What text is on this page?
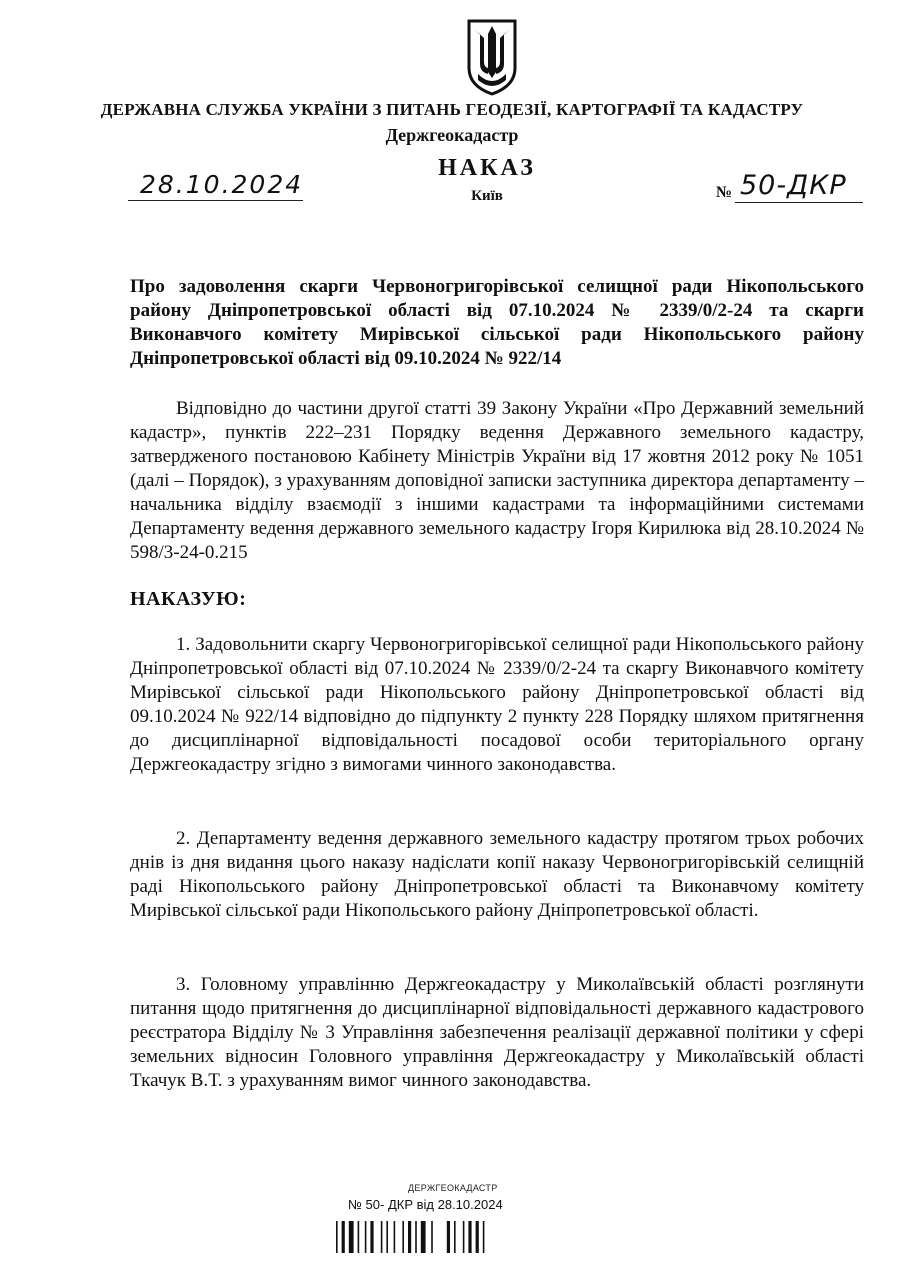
ДЕРЖАВНА СЛУЖБА УКРАЇНИ З ПИТАНЬ ГЕОДЕЗІЇ, КАРТОГРАФІЇ ТА КАДАСТРУ
Держгеокадастр
НАКАЗ
Київ
28.10.2024	№ 50-ДКР
Про задоволення скарги Червоногригорівської селищної ради Нікопольського району Дніпропетровської області від 07.10.2024 № 2339/0/2-24 та скарги Виконавчого комітету Мирівської сільської ради Нікопольського району Дніпропетровської області від 09.10.2024 № 922/14
Відповідно до частини другої статті 39 Закону України «Про Державний земельний кадастр», пунктів 222–231 Порядку ведення Державного земельного кадастру, затвердженого постановою Кабінету Міністрів України від 17 жовтня 2012 року № 1051 (далі – Порядок), з урахуванням доповідної записки заступника директора департаменту – начальника відділу взаємодії з іншими кадастрами та інформаційними системами Департаменту ведення державного земельного кадастру Ігоря Кирилюка від 28.10.2024 № 598/3-24-0.215
НАКАЗУЮ:
1. Задовольнити скаргу Червоногригорівської селищної ради Нікопольського району Дніпропетровської області від 07.10.2024 № 2339/0/2-24 та скаргу Виконавчого комітету Мирівської сільської ради Нікопольського району Дніпропетровської області від 09.10.2024 № 922/14 відповідно до підпункту 2 пункту 228 Порядку шляхом притягнення до дисциплінарної відповідальності посадової особи територіального органу Держгеокадастру згідно з вимогами чинного законодавства.
2. Департаменту ведення державного земельного кадастру протягом трьох робочих днів із дня видання цього наказу надіслати копії наказу Червоногригорівській селищній раді Нікопольського району Дніпропетровської області та Виконавчому комітету Мирівської сільської ради Нікопольського району Дніпропетровської області.
3. Головному управлінню Держгеокадастру у Миколаївській області розглянути питання щодо притягнення до дисциплінарної відповідальності державного кадастрового реєстратора Відділу № 3 Управління забезпечення реалізації державної політики у сфері земельних відносин Головного управління Держгеокадастру у Миколаївській області Ткачук В.Т. з урахуванням вимог чинного законодавства.
ДЕРЖГЕОКАДАСТР
№ 50- ДКР від 28.10.2024
